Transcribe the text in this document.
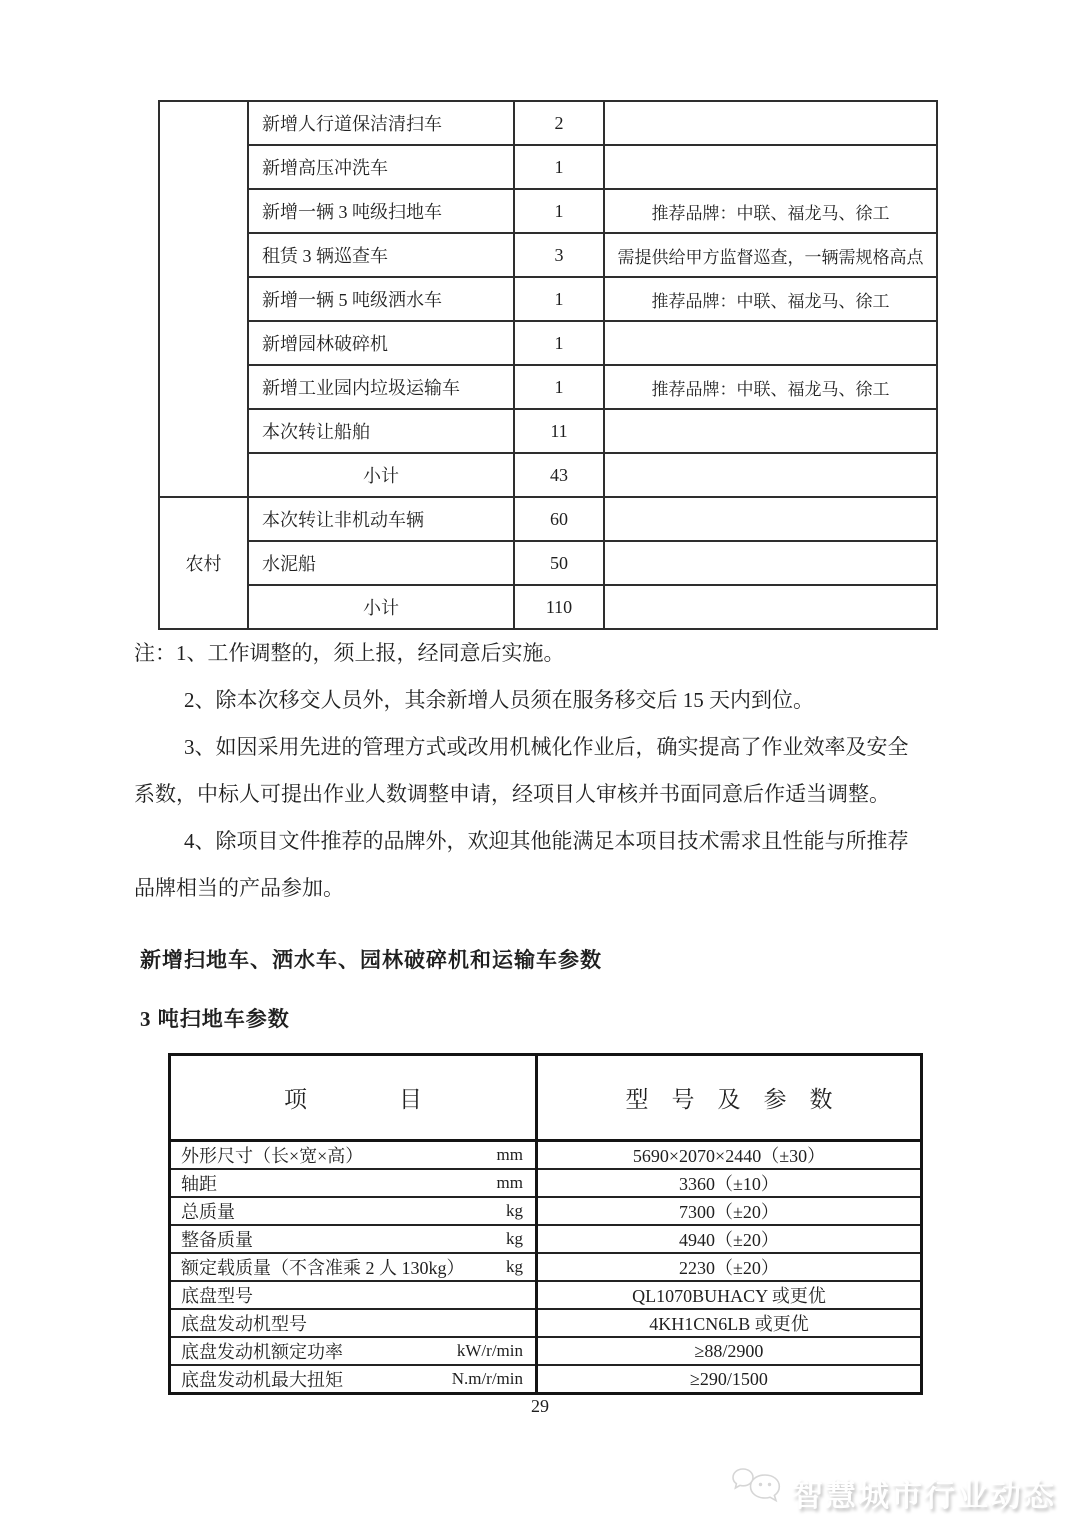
	新增人行道保洁清扫车	2	
	新增高压冲洗车	1	
	新增一辆 3 吨级扫地车	1	推荐品牌：中联、福龙马、徐工
	租赁 3 辆巡查车	3	需提供给甲方监督巡查，一辆需规格高点
	新增一辆 5 吨级洒水车	1	推荐品牌：中联、福龙马、徐工
	新增园林破碎机	1	
	新增工业园内垃圾运输车	1	推荐品牌：中联、福龙马、徐工
	本次转让船舶	11	
	小计	43	
农村	本次转让非机动车辆	60	
	水泥船	50	
	小计	110	
注：1、工作调整的，须上报，经同意后实施。
2、除本次移交人员外，其余新增人员须在服务移交后 15 天内到位。
3、如因采用先进的管理方式或改用机械化作业后，确实提高了作业效率及安全
系数，中标人可提出作业人数调整申请，经项目人审核并书面同意后作适当调整。
4、除项目文件推荐的品牌外，欢迎其他能满足本项目技术需求且性能与所推荐
品牌相当的产品参加。
新增扫地车、洒水车、园林破碎机和运输车参数
3 吨扫地车参数
项　　　　目	型　号　及　参　数

外形尺寸（长×宽×高） mm	5690×2070×2440（±30）

轴距 mm	3360（±10）

总质量 kg	7300（±20）

整备质量 kg	4940（±20）

额定载质量（不含准乘 2 人 130kg） kg	2230（±20）

底盘型号	QL1070BUHACY 或更优

底盘发动机型号	4KH1CN6LB 或更优

底盘发动机额定功率 kW/r/min	≥88/2900

底盘发动机最大扭矩 N.m/r/min	≥290/1500
29
智慧城市行业动态
